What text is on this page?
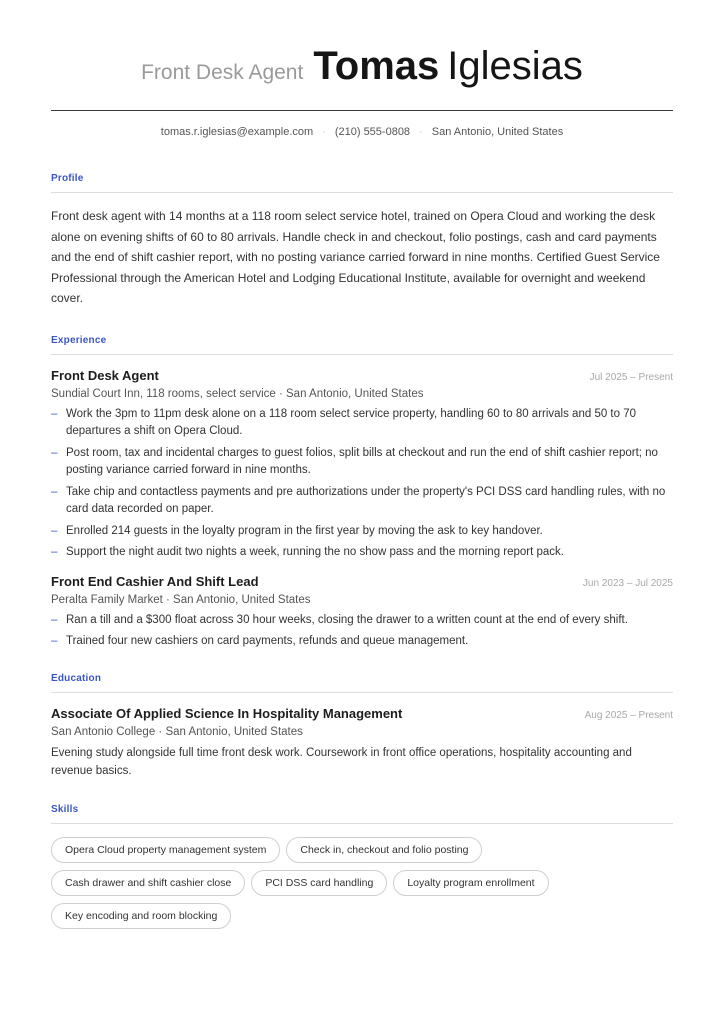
Front Desk Agent Tomas Iglesias
tomas.r.iglesias@example.com · (210) 555-0808 · San Antonio, United States
Profile
Front desk agent with 14 months at a 118 room select service hotel, trained on Opera Cloud and working the desk alone on evening shifts of 60 to 80 arrivals. Handle check in and checkout, folio postings, cash and card payments and the end of shift cashier report, with no posting variance carried forward in nine months. Certified Guest Service Professional through the American Hotel and Lodging Educational Institute, available for overnight and weekend cover.
Experience
Front Desk Agent	Jul 2025 – Present
Sundial Court Inn, 118 rooms, select service · San Antonio, United States
– Work the 3pm to 11pm desk alone on a 118 room select service property, handling 60 to 80 arrivals and 50 to 70 departures a shift on Opera Cloud.
– Post room, tax and incidental charges to guest folios, split bills at checkout and run the end of shift cashier report; no posting variance carried forward in nine months.
– Take chip and contactless payments and pre authorizations under the property's PCI DSS card handling rules, with no card data recorded on paper.
– Enrolled 214 guests in the loyalty program in the first year by moving the ask to key handover.
– Support the night audit two nights a week, running the no show pass and the morning report pack.
Front End Cashier And Shift Lead	Jun 2023 – Jul 2025
Peralta Family Market · San Antonio, United States
– Ran a till and a $300 float across 30 hour weeks, closing the drawer to a written count at the end of every shift.
– Trained four new cashiers on card payments, refunds and queue management.
Education
Associate Of Applied Science In Hospitality Management	Aug 2025 – Present
San Antonio College · San Antonio, United States
Evening study alongside full time front desk work. Coursework in front office operations, hospitality accounting and revenue basics.
Skills
Opera Cloud property management system	Check in, checkout and folio posting
Cash drawer and shift cashier close	PCI DSS card handling	Loyalty program enrollment
Key encoding and room blocking
